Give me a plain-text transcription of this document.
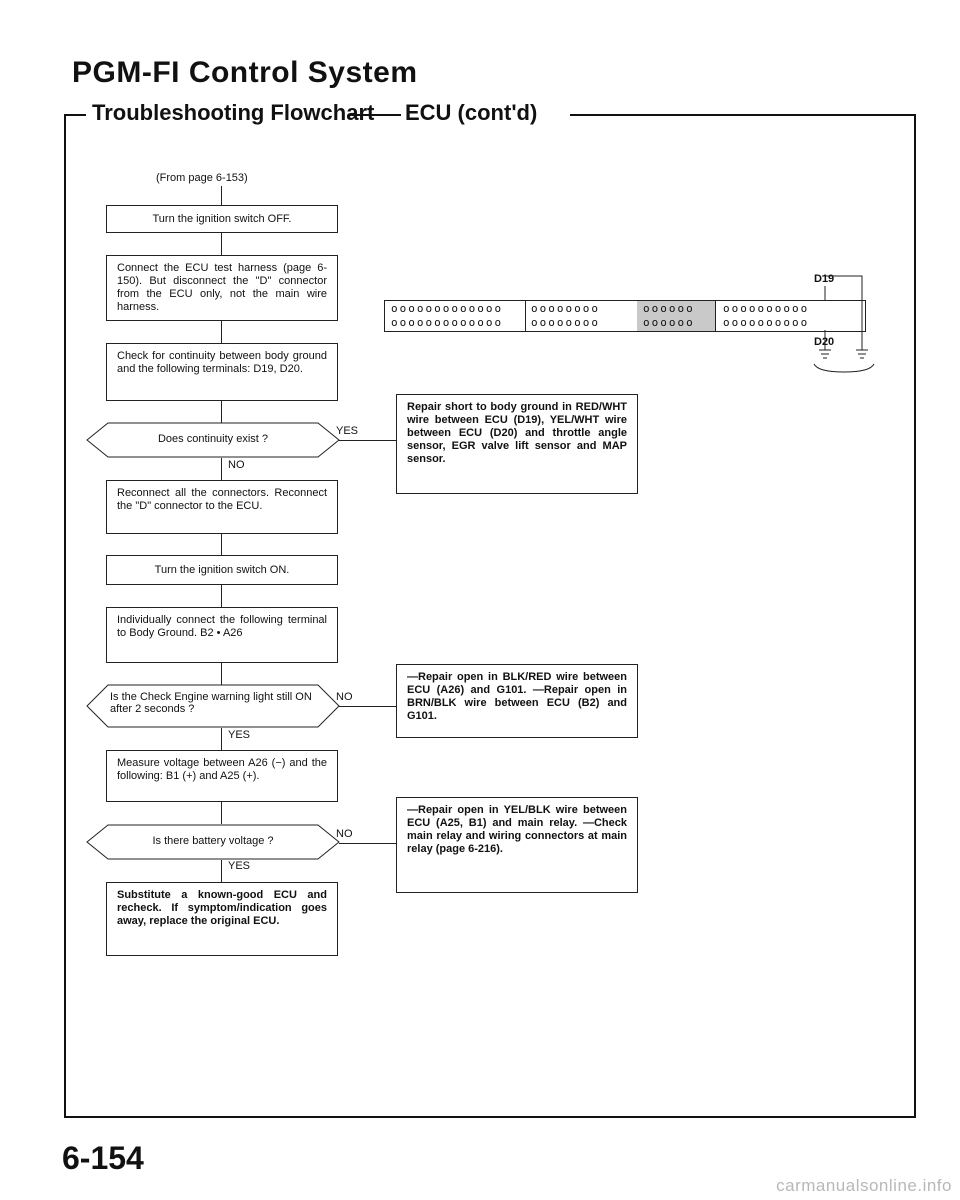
PGM-FI Control System
Troubleshooting Flowchart ECU (cont'd)
(From page 6-153)
Turn the ignition switch OFF.
Connect the ECU test harness (page 6-150). But disconnect the "D" connector from the ECU only, not the main wire harness.
Check for continuity between body ground and the following terminals: D19, D20.
Does continuity exist ?
YES
NO
Reconnect all the connectors. Reconnect the "D" connector to the ECU.
Turn the ignition switch ON.
Individually connect the following terminal to Body Ground. B2 • A26
Is the Check Engine warning light still ON after 2 seconds ?
NO
YES
Measure voltage between A26 (−) and the following: B1 (+) and A25 (+).
Is there battery voltage ?
NO
YES
Substitute a known-good ECU and recheck. If symptom/indication goes away, replace the original ECU.
Repair short to body ground in RED/WHT wire between ECU (D19), YEL/WHT wire between ECU (D20) and throttle angle sensor, EGR valve lift sensor and MAP sensor.
—Repair open in BLK/RED wire between ECU (A26) and G101. —Repair open in BRN/BLK wire between ECU (B2) and G101.
—Repair open in YEL/BLK wire between ECU (A25, B1) and main relay. —Check main relay and wiring connectors at main relay (page 6-216).
ooooooooooooo
ooooooooooooo
oooooooo
oooooooo
oooooo
oooooo
oooooooooo
oooooooooo
D19
D20
6-154
carmanualsonline.info
